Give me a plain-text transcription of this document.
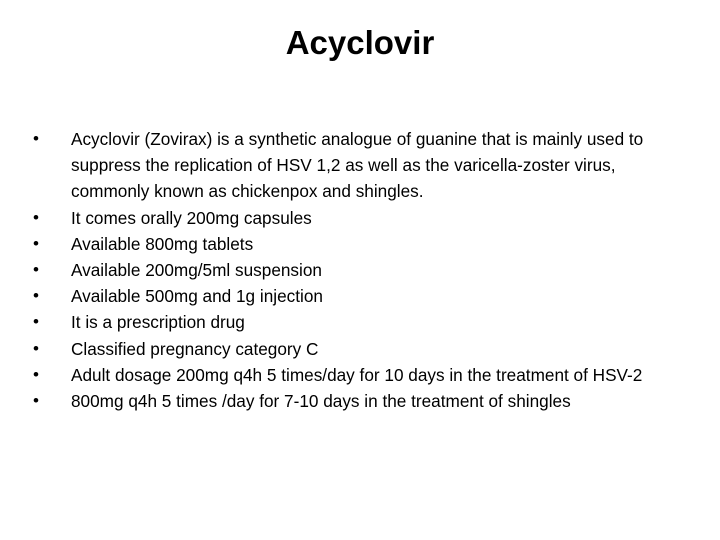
Acyclovir
•	Acyclovir (Zovirax) is a synthetic analogue of guanine that is mainly used to suppress the replication of HSV 1,2 as well as the varicella-zoster virus, commonly known as chickenpox and shingles.
•	It comes orally 200mg capsules
•	Available 800mg tablets
•	Available 200mg/5ml suspension
•	Available 500mg and 1g injection
•	It is a prescription drug
•	Classified pregnancy category C
•	Adult dosage 200mg q4h 5 times/day for 10 days in the treatment of HSV-2
•	800mg q4h 5 times /day for 7-10 days in the treatment of shingles
